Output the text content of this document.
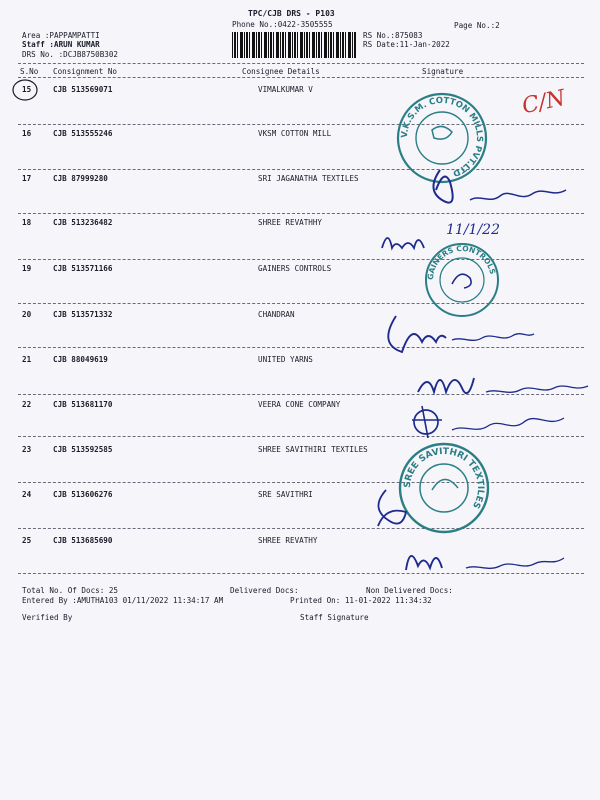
TPC/CJB DRS - P103
Phone No.:0422-3505555	Page No.:2
Area :PAPPAMPATTI
Staff :ARUN KUMAR
DRS No. :DCJB8750B302
RS No.:875083
RS Date:11-Jan-2022
S.No Consignment No	Consignee Details	Signature
15	CJB 513569071	VIMALKUMAR V
16	CJB 513555246	VKSM COTTON MILL
17	CJB 87999280	SRI JAGANATHA TEXTILES
18	CJB 513236482	SHREE REVATHHY
19	CJB 513571166	GAINERS CONTROLS
20	CJB 513571332	CHANDRAN
21	CJB 88049619	UNITED YARNS
22	CJB 513681170	VEERA CONE COMPANY
23	CJB 513592585	SHREE SAVITHIRI TEXTILES
24	CJB 513606276	SRE SAVITHRI
25	CJB 513685690	SHREE REVATHY
Total No. Of Docs: 25	Delivered Docs:	Non Delivered Docs:
Entered By :AMUTHA103 01/11/2022 11:34:17 AM	Printed On: 11-01-2022 11:34:32
Verified By	Staff Signature
C/N
V.K.S.M. COTTON MILLS PVT.LTD
GAINERS CONTROLS
SREE SAVITHRI TEXTILES
11/1/22
